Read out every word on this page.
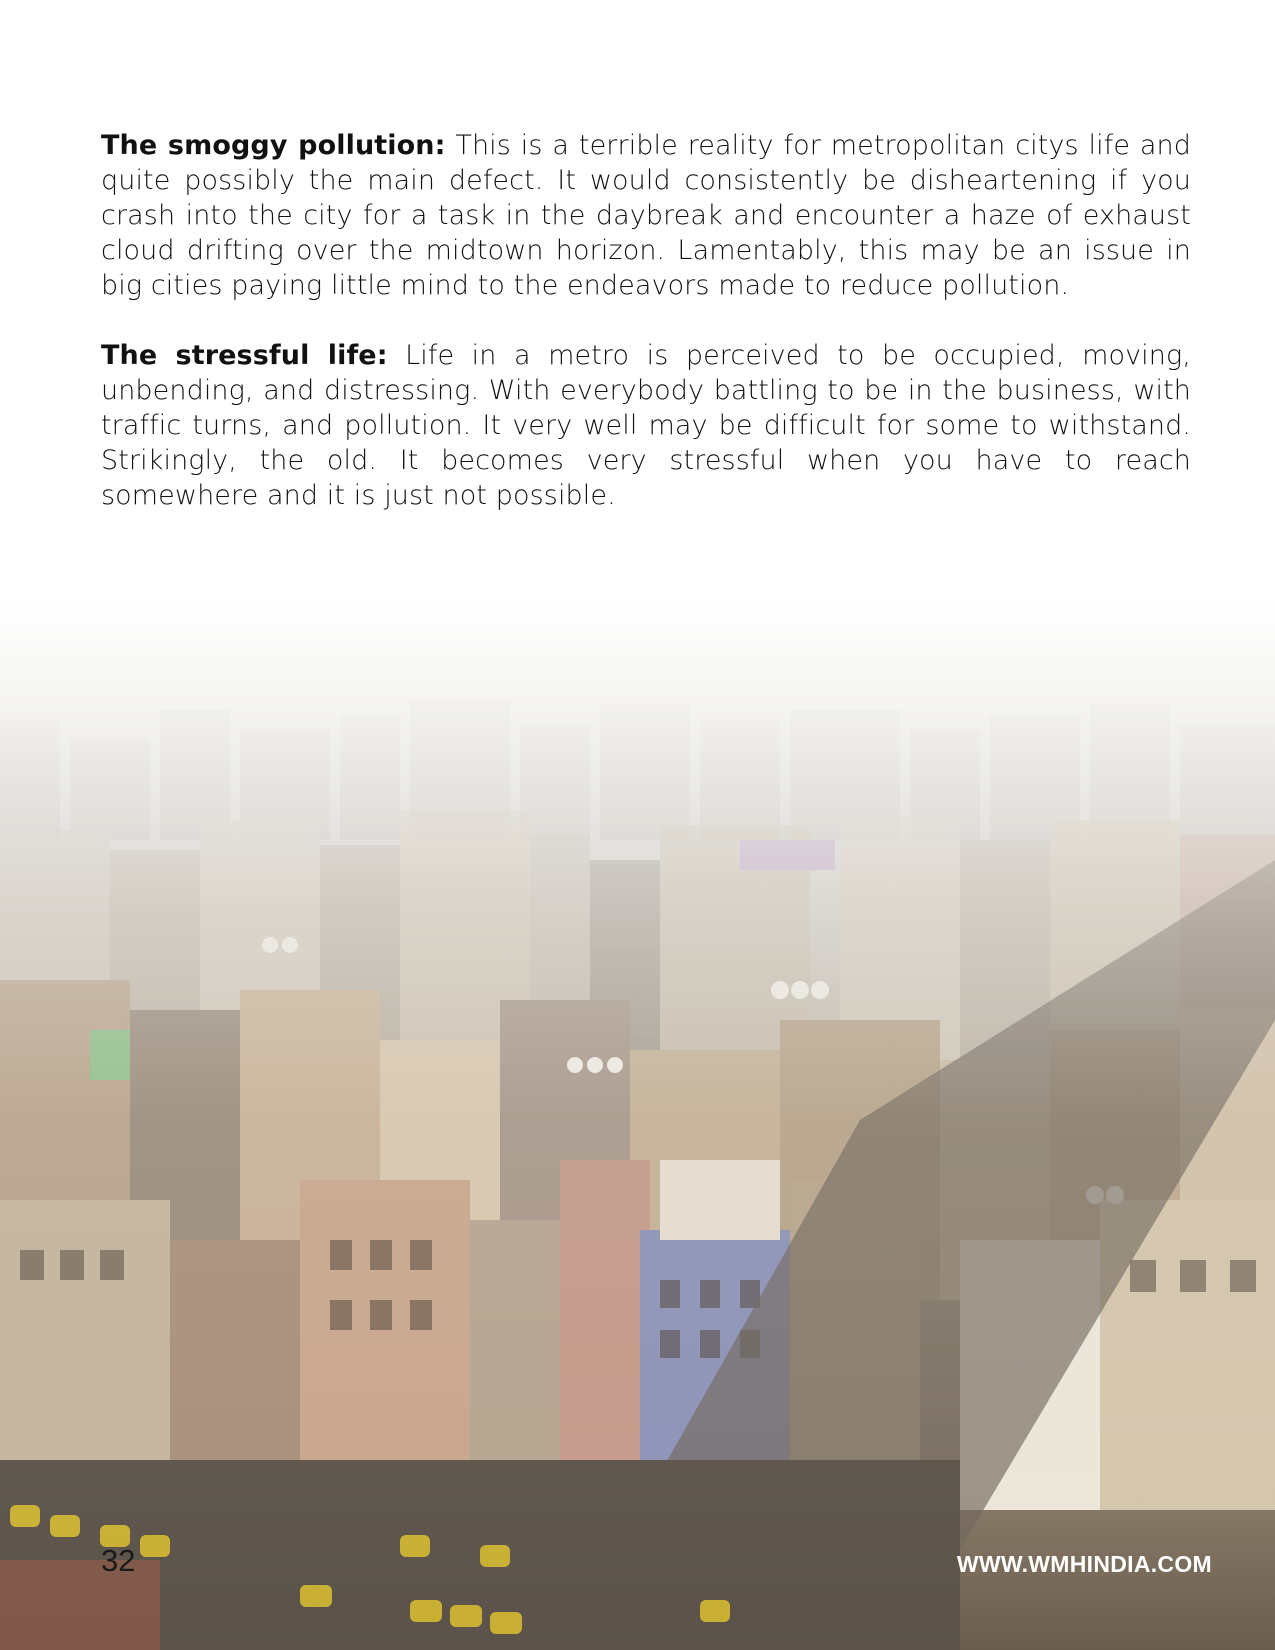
The smoggy pollution: This is a terrible reality for metropolitan citys life and quite possibly the main defect. It would consistently be disheartening if you crash into the city for a task in the daybreak and encounter a haze of exhaust cloud drifting over the midtown horizon. Lamentably, this may be an issue in big cities paying little mind to the endeavors made to reduce pollution.

The stressful life: Life in a metro is perceived to be occupied, moving, unbending, and distressing. With everybody battling to be in the business, with traffic turns, and pollution. It very well may be difficult for some to withstand. Strikingly, the old. It becomes very stressful when you have to reach somewhere and it is just not possible.

32	WWW.WMHINDIA.COM
